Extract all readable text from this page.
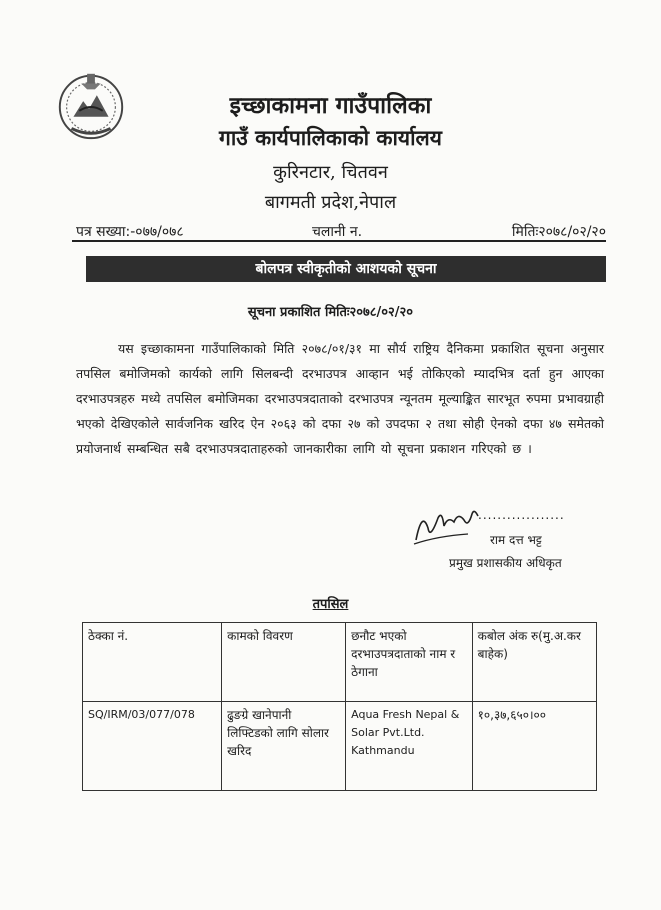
इच्छाकामना गाउँपालिका
गाउँ कार्यपालिकाको कार्यालय
कुरिनटार, चितवन
बागमती प्रदेश,नेपाल
पत्र सख्या:-०७७/०७८	चलानी न.	मितिः२०७८/०२/२०
बोलपत्र स्वीकृतीको आशयको सूचना
सूचना प्रकाशित मितिः२०७८/०२/२०
यस इच्छाकामना गाउँपालिकाको मिति २०७८/०१/३१ मा सौर्य राष्ट्रिय दैनिकमा प्रकाशित सूचना अनुसार तपसिल बमोजिमको कार्यको लागि सिलबन्दी दरभाउपत्र आव्हान भई तोकिएको म्यादभित्र दर्ता हुन आएका दरभाउपत्रहरु मध्ये तपसिल बमोजिमका दरभाउपत्रदाताको दरभाउपत्र न्यूनतम मूल्याङ्कित सारभूत रुपमा प्रभावग्राही भएको देखिएकोले सार्वजनिक खरिद ऐन २०६३ को दफा २७ को उपदफा २ तथा सोही ऐनको दफा ४७ समेतको प्रयोजनार्थ सम्बन्धित सबै दरभाउपत्रदाताहरुको जानकारीका लागि यो सूचना प्रकाशन गरिएको छ ।
..................
राम दत्त भट्ट
प्रमुख प्रशासकीय अधिकृत
तपसिल
ठेक्का नं.	कामको विवरण	छनौट भएको दरभाउपत्रदाताको नाम र ठेगाना	कबोल अंक रु(मु.अ.कर बाहेक)
SQ/IRM/03/077/078	ढुङग्रे खानेपानी लिफ्टिडको लागि सोलार खरिद	Aqua Fresh Nepal & Solar Pvt.Ltd. Kathmandu	१०,३७,६५०।००
